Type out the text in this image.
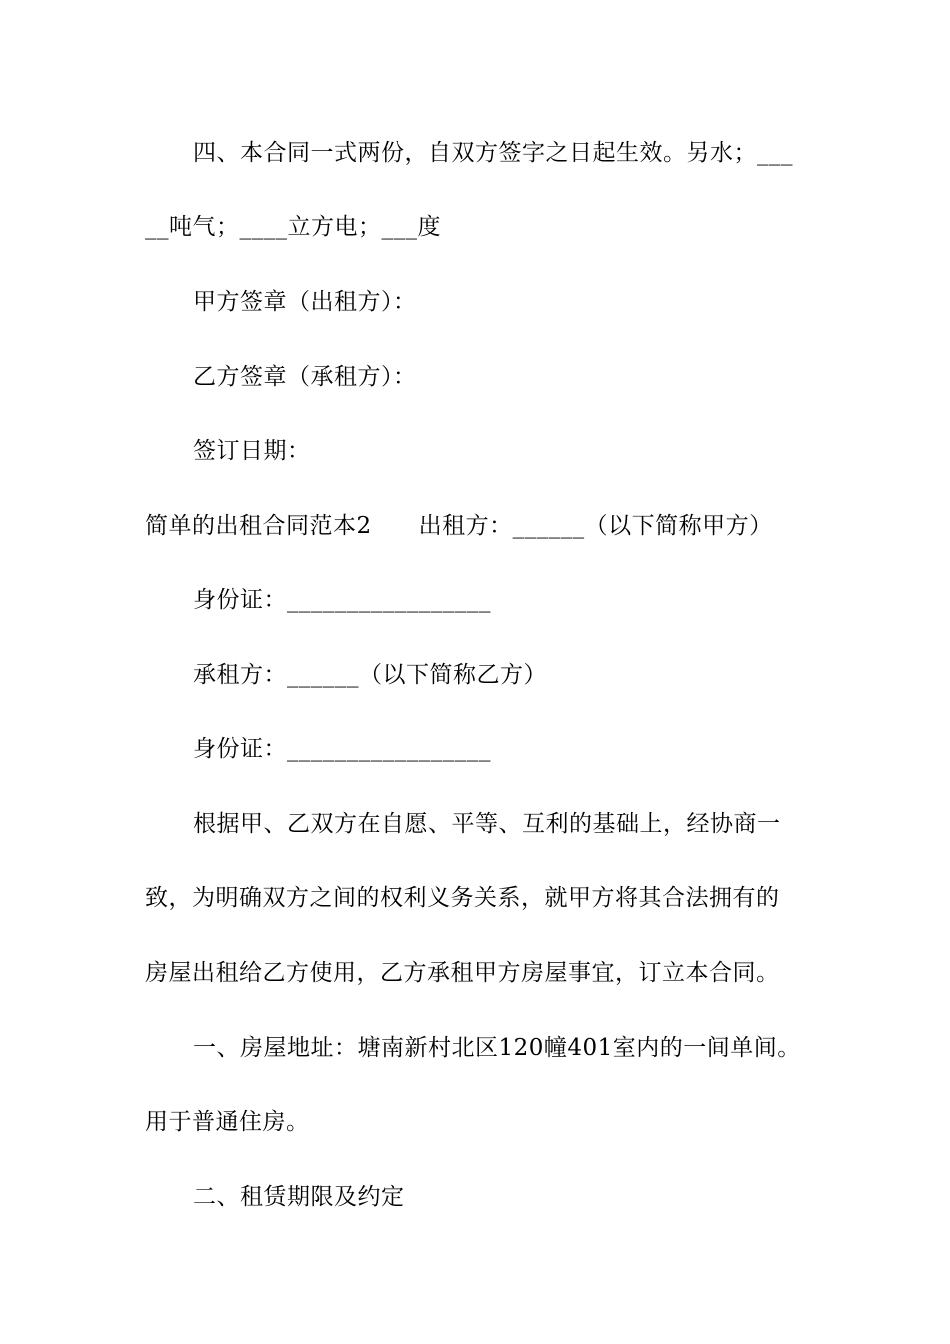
四、本合同一式两份，自双方签字之日起生效。另水；___
__吨气；____立方电；___度
甲方签章（出租方）：
乙方签章（承租方）：
签订日期：
简单的出租合同范本2　　出租方：______（以下简称甲方）
身份证：_________________
承租方：______（以下简称乙方）
身份证：_________________
根据甲、乙双方在自愿、平等、互利的基础上，经协商一
致，为明确双方之间的权利义务关系，就甲方将其合法拥有的
房屋出租给乙方使用，乙方承租甲方房屋事宜，订立本合同。
一、房屋地址：塘南新村北区120幢401室内的一间单间。
用于普通住房。
二、租赁期限及约定
